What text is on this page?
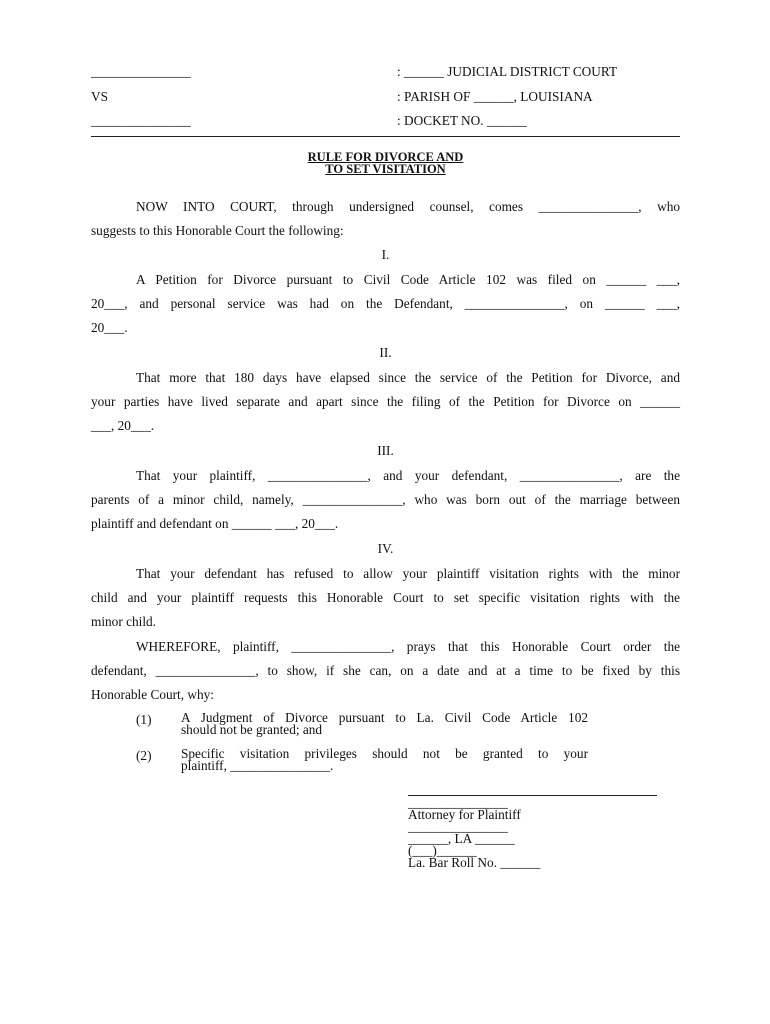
_______________	: ______ JUDICIAL DISTRICT COURT
VS	: PARISH OF ______, LOUISIANA
_______________	: DOCKET NO. ______
RULE FOR DIVORCE AND
TO SET VISITATION
NOW INTO COURT, through undersigned counsel, comes _______________, who
suggests to this Honorable Court the following:
I.
A Petition for Divorce pursuant to Civil Code Article 102 was filed on ______ ___,
20___, and personal service was had on the Defendant, _______________, on ______ ___,
20___.
II.
That more that 180 days have elapsed since the service of the Petition for Divorce, and
your parties have lived separate and apart since the filing of the Petition for Divorce on ______
___, 20___.
III.
That your plaintiff, _______________, and your defendant, _______________, are the
parents of a minor child, namely, _______________, who was born out of the marriage between
plaintiff and defendant on ______ ___, 20___.
IV.
That your defendant has refused to allow your plaintiff visitation rights with the minor
child and your plaintiff requests this Honorable Court to set specific visitation rights with the
minor child.
WHEREFORE, plaintiff, _______________, prays that this Honorable Court order the
defendant, _______________, to show, if she can, on a date and at a time to be fixed by this
Honorable Court, why:
(1) A Judgment of Divorce pursuant to La. Civil Code Article 102
should not be granted; and
(2) Specific visitation privileges should not be granted to your
plaintiff, _______________.
_______________
Attorney for Plaintiff
_______________
______, LA ______
(___)______
La. Bar Roll No. ______
